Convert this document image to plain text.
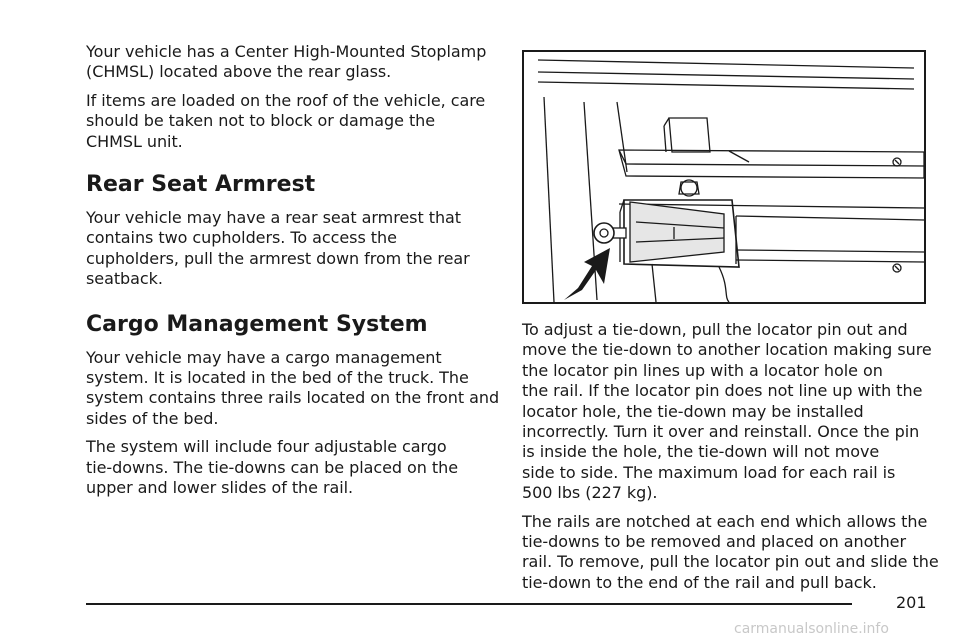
Your vehicle has a Center High-Mounted Stoplamp
(CHMSL) located above the rear glass.

If items are loaded on the roof of the vehicle, care
should be taken not to block or damage the
CHMSL unit.

Rear Seat Armrest

Your vehicle may have a rear seat armrest that
contains two cupholders. To access the
cupholders, pull the armrest down from the rear
seatback.

Cargo Management System

Your vehicle may have a cargo management
system. It is located in the bed of the truck. The
system contains three rails located on the front and
sides of the bed.

The system will include four adjustable cargo
tie-downs. The tie-downs can be placed on the
upper and lower slides of the rail.

To adjust a tie-down, pull the locator pin out and
move the tie-down to another location making sure
the locator pin lines up with a locator hole on
the rail. If the locator pin does not line up with the
locator hole, the tie-down may be installed
incorrectly. Turn it over and reinstall. Once the pin
is inside the hole, the tie-down will not move
side to side. The maximum load for each rail is
500 lbs (227 kg).

The rails are notched at each end which allows the
tie-downs to be removed and placed on another
rail. To remove, pull the locator pin out and slide the
tie-down to the end of the rail and pull back.

201
carmanualsonline.info
